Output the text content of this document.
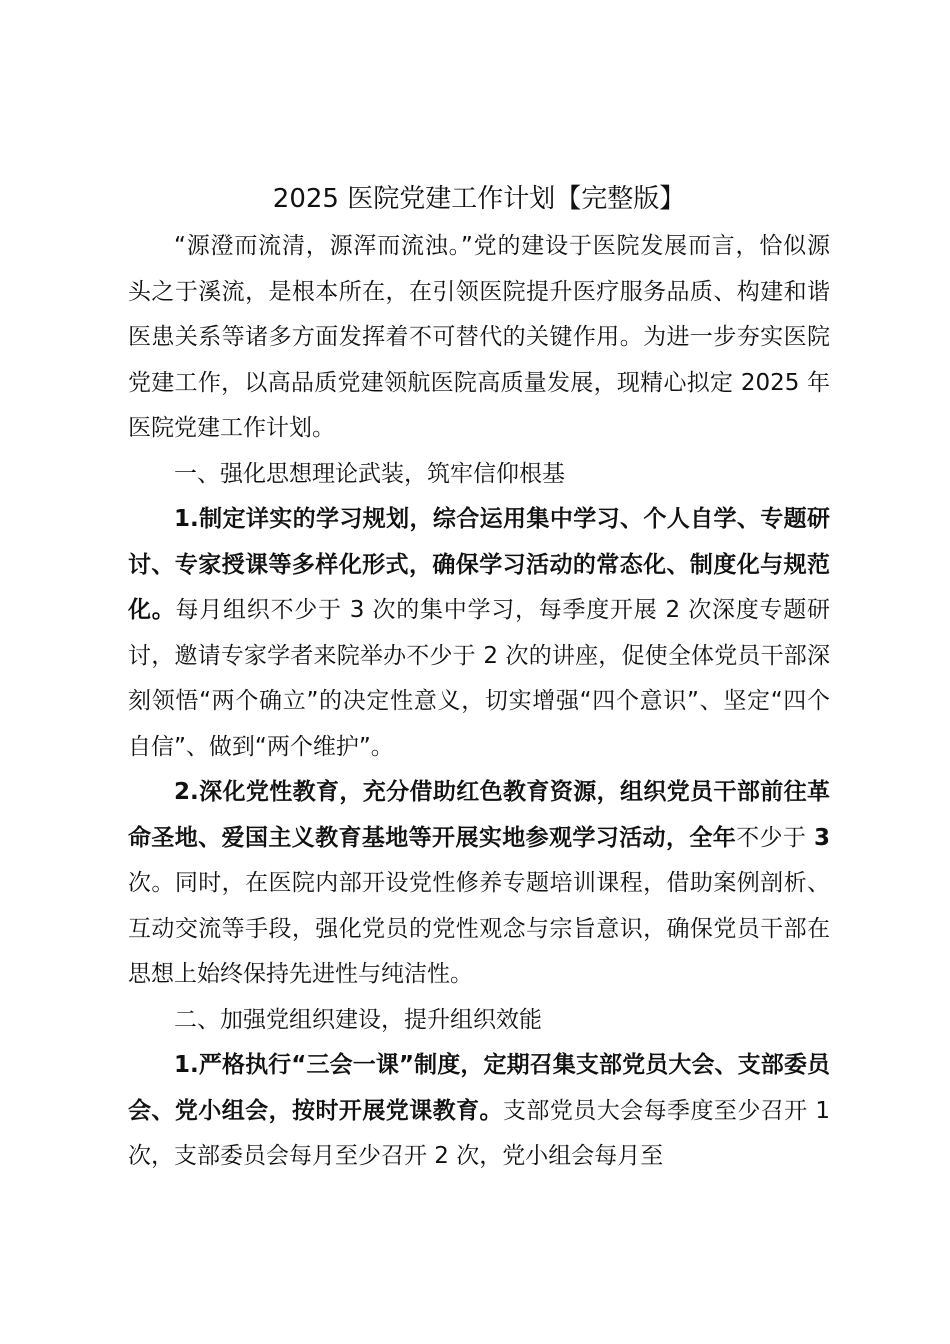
2025 医院党建工作计划【完整版】

“源澄而流清，源浑而流浊。”党的建设于医院发展而言，恰似源头之于溪流，是根本所在，在引领医院提升医疗服务品质、构建和谐医患关系等诸多方面发挥着不可替代的关键作用。为进一步夯实医院党建工作，以高品质党建领航医院高质量发展，现精心拟定 2025 年医院党建工作计划。

一、强化思想理论武装，筑牢信仰根基

1.制定详实的学习规划，综合运用集中学习、个人自学、专题研讨、专家授课等多样化形式，确保学习活动的常态化、制度化与规范化。每月组织不少于 3 次的集中学习，每季度开展 2 次深度专题研讨，邀请专家学者来院举办不少于 2 次的讲座，促使全体党员干部深刻领悟“两个确立”的决定性意义，切实增强“四个意识”、坚定“四个自信”、做到“两个维护”。

2.深化党性教育，充分借助红色教育资源，组织党员干部前往革命圣地、爱国主义教育基地等开展实地参观学习活动，全年不少于 3 次。同时，在医院内部开设党性修养专题培训课程，借助案例剖析、互动交流等手段，强化党员的党性观念与宗旨意识，确保党员干部在思想上始终保持先进性与纯洁性。

二、加强党组织建设，提升组织效能

1.严格执行“三会一课”制度，定期召集支部党员大会、支部委员会、党小组会，按时开展党课教育。支部党员大会每季度至少召开 1 次，支部委员会每月至少召开 2 次，党小组会每月至
